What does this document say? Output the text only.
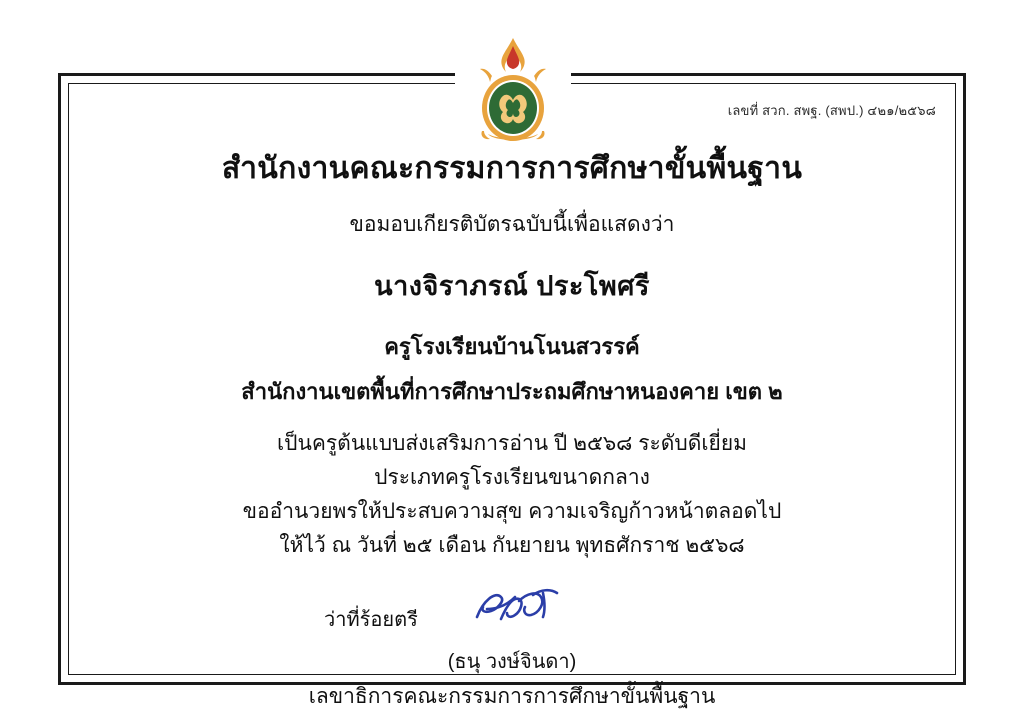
เลขที่ สวก. สพฐ. (สพป.) ๔๒๑/๒๕๖๘
สำนักงานคณะกรรมการการศึกษาขั้นพื้นฐาน
ขอมอบเกียรติบัตรฉบับนี้เพื่อแสดงว่า
นางจิราภรณ์ ประโพศรี
ครูโรงเรียนบ้านโนนสวรรค์
สำนักงานเขตพื้นที่การศึกษาประถมศึกษาหนองคาย เขต ๒
เป็นครูต้นแบบส่งเสริมการอ่าน ปี ๒๕๖๘ ระดับดีเยี่ยม
ประเภทครูโรงเรียนขนาดกลาง
ขออำนวยพรให้ประสบความสุข ความเจริญก้าวหน้าตลอดไป
ให้ไว้ ณ วันที่ ๒๕ เดือน กันยายน พุทธศักราช ๒๕๖๘
ว่าที่ร้อยตรี
(ธนุ วงษ์จินดา)
เลขาธิการคณะกรรมการการศึกษาขั้นพื้นฐาน
